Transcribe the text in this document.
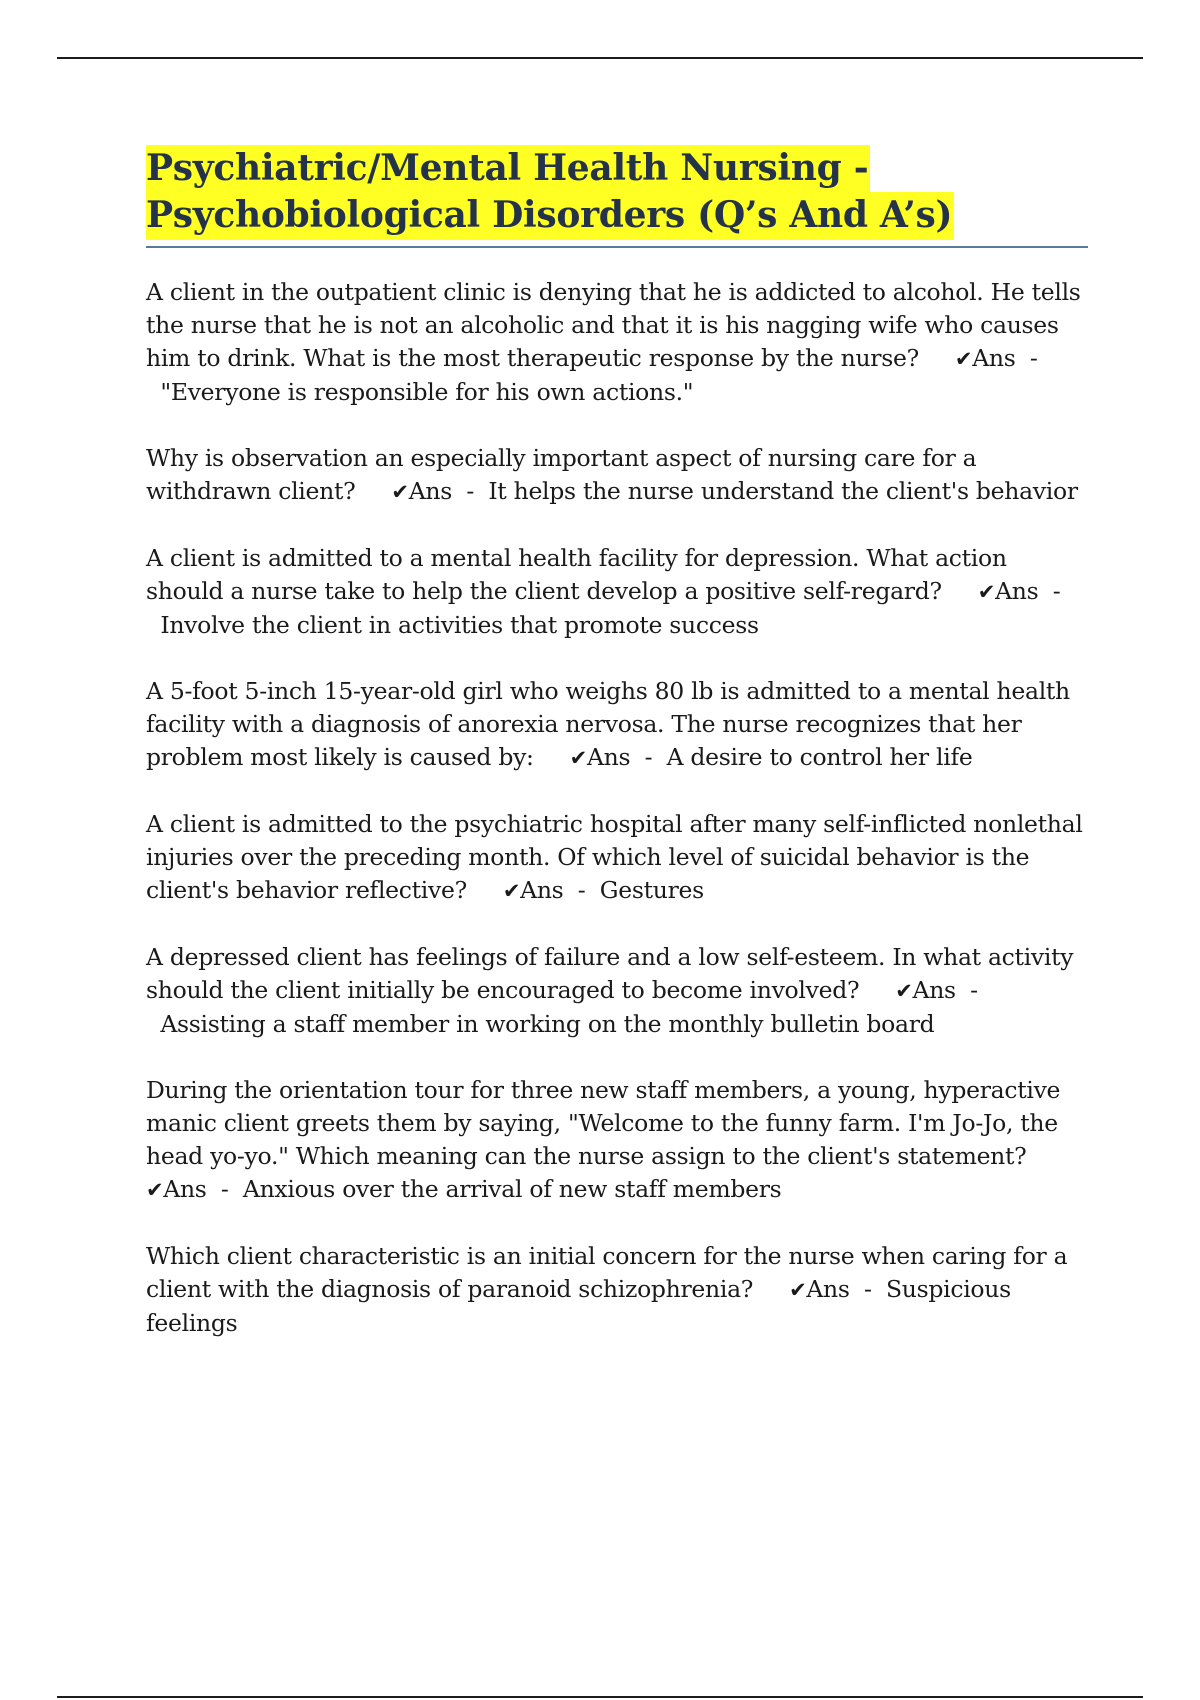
Psychiatric/Mental Health Nursing -
Psychobiological Disorders (Q’s And A’s)

A client in the outpatient clinic is denying that he is addicted to alcohol. He tells the nurse that he is not an alcoholic and that it is his nagging wife who causes him to drink. What is the most therapeutic response by the nurse? ✔Ans -  "Everyone is responsible for his own actions."

Why is observation an especially important aspect of nursing care for a withdrawn client? ✔Ans - It helps the nurse understand the client's behavior

A client is admitted to a mental health facility for depression. What action should a nurse take to help the client develop a positive self-regard? ✔Ans -  Involve the client in activities that promote success

A 5-foot 5-inch 15-year-old girl who weighs 80 lb is admitted to a mental health facility with a diagnosis of anorexia nervosa. The nurse recognizes that her problem most likely is caused by: ✔Ans - A desire to control her life

A client is admitted to the psychiatric hospital after many self-inflicted nonlethal injuries over the preceding month. Of which level of suicidal behavior is the client's behavior reflective? ✔Ans - Gestures

A depressed client has feelings of failure and a low self-esteem. In what activity should the client initially be encouraged to become involved? ✔Ans -  Assisting a staff member in working on the monthly bulletin board

During the orientation tour for three new staff members, a young, hyperactive manic client greets them by saying, "Welcome to the funny farm. I'm Jo-Jo, the head yo-yo." Which meaning can the nurse assign to the client's statement?✔Ans - Anxious over the arrival of new staff members

Which client characteristic is an initial concern for the nurse when caring for a client with the diagnosis of paranoid schizophrenia? ✔Ans - Suspicious feelings
